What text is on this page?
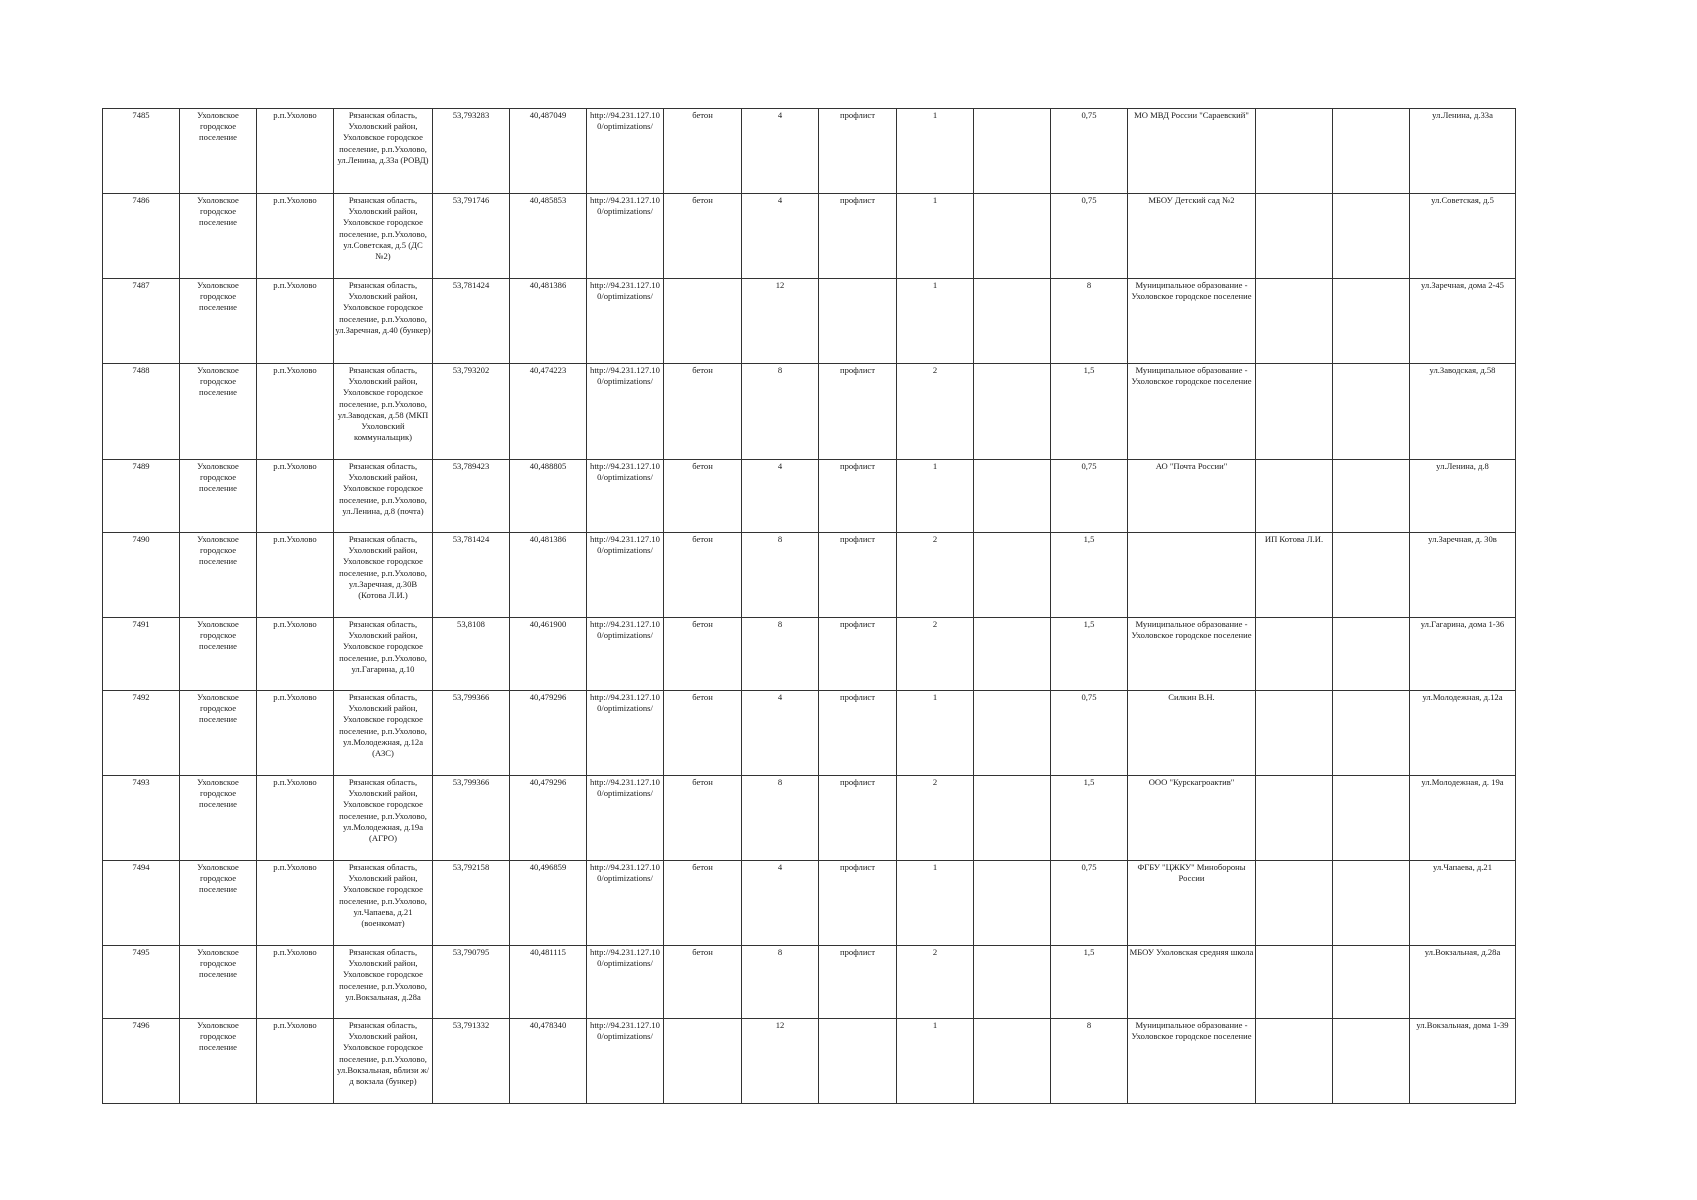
7485	Ухоловское городское поселение	р.п.Ухолово	Рязанская область, Ухоловский район, Ухоловское городское поселение, р.п.Ухолово, ул.Ленина, д.33а (РОВД)	53,793283	40,487049	http://94.231.127.100/optimizations/	бетон	4	профлист	1		0,75	МО МВД России "Сараевский"			ул.Ленина, д.33а
7486	Ухоловское городское поселение	р.п.Ухолово	Рязанская область, Ухоловский район, Ухоловское городское поселение, р.п.Ухолово, ул.Советская, д.5 (ДС №2)	53,791746	40,485853	http://94.231.127.100/optimizations/	бетон	4	профлист	1		0,75	МБОУ Детский сад №2			ул.Советская, д.5
7487	Ухоловское городское поселение	р.п.Ухолово	Рязанская область, Ухоловский район, Ухоловское городское поселение, р.п.Ухолово, ул.Заречная, д.40 (бункер)	53,781424	40,481386	http://94.231.127.100/optimizations/		12		1		8	Муниципальное образование - Ухоловское городское поселение			ул.Заречная, дома 2-45
7488	Ухоловское городское поселение	р.п.Ухолово	Рязанская область, Ухоловский район, Ухоловское городское поселение, р.п.Ухолово, ул.Заводская, д.58 (МКП Ухоловский коммунальщик)	53,793202	40,474223	http://94.231.127.100/optimizations/	бетон	8	профлист	2		1,5	Муниципальное образование - Ухоловское городское поселение			ул.Заводская, д.58
7489	Ухоловское городское поселение	р.п.Ухолово	Рязанская область, Ухоловский район, Ухоловское городское поселение, р.п.Ухолово, ул.Ленина, д.8 (почта)	53,789423	40,488805	http://94.231.127.100/optimizations/	бетон	4	профлист	1		0,75	АО "Почта России"			ул.Ленина, д.8
7490	Ухоловское городское поселение	р.п.Ухолово	Рязанская область, Ухоловский район, Ухоловское городское поселение, р.п.Ухолово, ул.Заречная, д.30В (Котова Л.И.)	53,781424	40,481386	http://94.231.127.100/optimizations/	бетон	8	профлист	2		1,5		ИП Котова Л.И.		ул.Заречная, д. 30в
7491	Ухоловское городское поселение	р.п.Ухолово	Рязанская область, Ухоловский район, Ухоловское городское поселение, р.п.Ухолово, ул.Гагарина, д.10	53,8108	40,461900	http://94.231.127.100/optimizations/	бетон	8	профлист	2		1,5	Муниципальное образование - Ухоловское городское поселение			ул.Гагарина, дома 1-36
7492	Ухоловское городское поселение	р.п.Ухолово	Рязанская область, Ухоловский район, Ухоловское городское поселение, р.п.Ухолово, ул.Молодежная, д.12а (АЗС)	53,799366	40,479296	http://94.231.127.100/optimizations/	бетон	4	профлист	1		0,75	Силкин В.Н.			ул.Молодежная, д.12а
7493	Ухоловское городское поселение	р.п.Ухолово	Рязанская область, Ухоловский район, Ухоловское городское поселение, р.п.Ухолово, ул.Молодежная, д.19а (АГРО)	53,799366	40,479296	http://94.231.127.100/optimizations/	бетон	8	профлист	2		1,5	ООО "Курскагроактив"			ул.Молодежная, д. 19а
7494	Ухоловское городское поселение	р.п.Ухолово	Рязанская область, Ухоловский район, Ухоловское городское поселение, р.п.Ухолово, ул.Чапаева, д.21 (военкомат)	53,792158	40,496859	http://94.231.127.100/optimizations/	бетон	4	профлист	1		0,75	ФГБУ "ЦЖКУ" Минобороны России			ул.Чапаева, д.21
7495	Ухоловское городское поселение	р.п.Ухолово	Рязанская область, Ухоловский район, Ухоловское городское поселение, р.п.Ухолово, ул.Вокзальная, д.28а	53,790795	40,481115	http://94.231.127.100/optimizations/	бетон	8	профлист	2		1,5	МБОУ Ухоловская средняя школа			ул.Вокзальная, д.28а
7496	Ухоловское городское поселение	р.п.Ухолово	Рязанская область, Ухоловский район, Ухоловское городское поселение, р.п.Ухолово, ул.Вокзальная, вблизи ж/д вокзала (бункер)	53,791332	40,478340	http://94.231.127.100/optimizations/		12		1		8	Муниципальное образование - Ухоловское городское поселение			ул.Вокзальная, дома 1-39
